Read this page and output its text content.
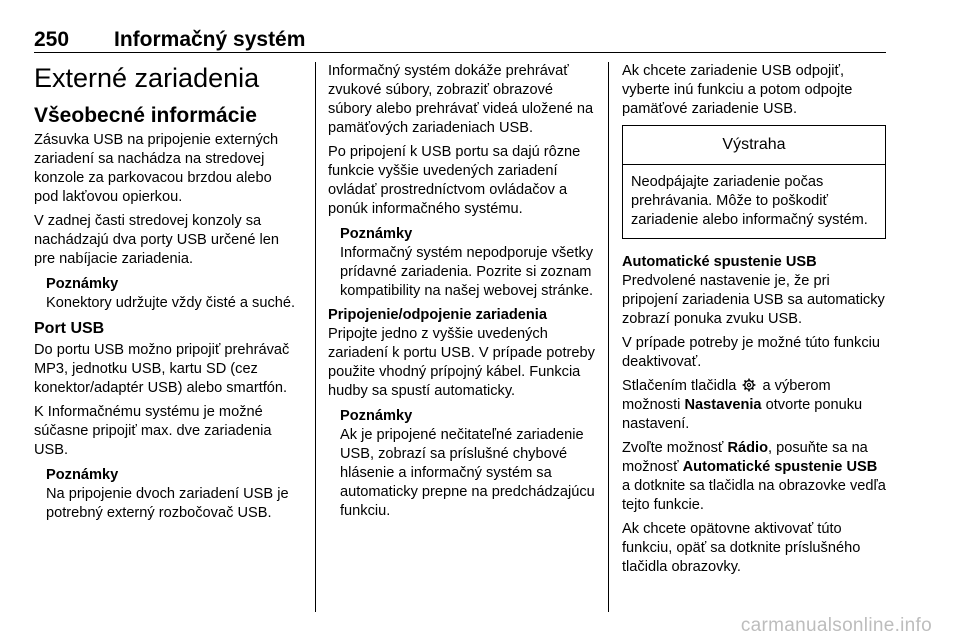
250 Informačný systém
Externé zariadenia
Všeobecné informácie

Zásuvka USB na pripojenie externých zariadení sa nachádza na stredovej konzole za parkovacou brzdou alebo pod lakťovou opierkou.

V zadnej časti stredovej konzoly sa nachádzajú dva porty USB určené len pre nabíjacie zariadenia.

Poznámky

Konektory udržujte vždy čisté a suché.

Port USB

Do portu USB možno pripojiť prehrávač MP3, jednotku USB, kartu SD (cez konektor/adaptér USB) alebo smartfón.

K Informačnému systému je možné súčasne pripojiť max. dve zariadenia USB.

Poznámky

Na pripojenie dvoch zariadení USB je potrebný externý rozbočovač USB.

Informačný systém dokáže prehrávať zvukové súbory, zobraziť obrazové súbory alebo prehrávať videá uložené na pamäťových zariadeniach USB.

Po pripojení k USB portu sa dajú rôzne funkcie vyššie uvedených zariadení ovládať prostredníctvom ovládačov a ponúk informačného systému.

Poznámky

Informačný systém nepodporuje všetky prídavné zariadenia. Pozrite si zoznam kompatibility na našej webovej stránke.

Pripojenie/odpojenie zariadenia

Pripojte jedno z vyššie uvedených zariadení k portu USB. V prípade potreby použite vhodný prípojný kábel. Funkcia hudby sa spustí automaticky.

Poznámky

Ak je pripojené nečitateľné zariadenie USB, zobrazí sa príslušné chybové hlásenie a informačný systém sa automaticky prepne na predchádzajúcu funkciu.

Ak chcete zariadenie USB odpojiť, vyberte inú funkciu a potom odpojte pamäťové zariadenie USB.

Výstraha
Neodpájajte zariadenie počas prehrávania. Môže to poškodiť zariadenie alebo informačný systém.
Automatické spustenie USB

Predvolené nastavenie je, že pri pripojení zariadenia USB sa automaticky zobrazí ponuka zvuku USB.

V prípade potreby je možné túto funkciu deaktivovať.

Stlačením tlačidla a výberom možnosti Nastavenia otvorte ponuku nastavení.

Zvoľte možnosť Rádio, posuňte sa na možnosť Automatické spustenie USB a dotknite sa tlačidla na obrazovke vedľa tejto funkcie.

Ak chcete opätovne aktivovať túto funkciu, opäť sa dotknite príslušného tlačidla obrazovky.

carmanualsonline.info
